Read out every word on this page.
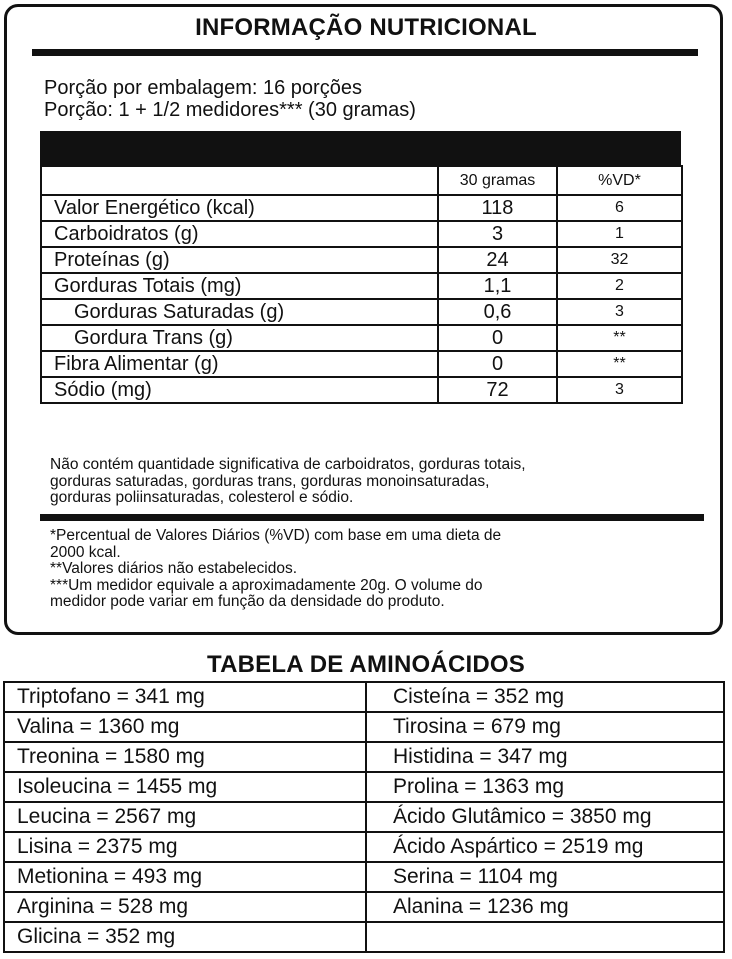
INFORMAÇÃO NUTRICIONAL
Porção por embalagem: 16 porções
Porção: 1 + 1/2 medidores*** (30 gramas)
	30 gramas	%VD*
Valor Energético (kcal)	118	6
Carboidratos (g)	3	1
Proteínas (g)	24	32
Gorduras Totais (mg)	1,1	2
Gorduras Saturadas (g)	0,6	3
Gordura Trans (g)	0	**
Fibra Alimentar (g)	0	**
Sódio (mg)	72	3
Não contém quantidade significativa de carboidratos, gorduras totais,
gorduras saturadas, gorduras trans, gorduras monoinsaturadas,
gorduras poliinsaturadas, colesterol e sódio.
*Percentual de Valores Diários (%VD) com base em uma dieta de
2000 kcal.
**Valores diários não estabelecidos.
***Um medidor equivale a aproximadamente 20g. O volume do
medidor pode variar em função da densidade do produto.
TABELA DE AMINOÁCIDOS
Triptofano = 341 mg	Cisteína = 352 mg
Valina = 1360 mg	Tirosina = 679 mg
Treonina = 1580 mg	Histidina = 347 mg
Isoleucina = 1455 mg	Prolina = 1363 mg
Leucina = 2567 mg	Ácido Glutâmico = 3850 mg
Lisina = 2375 mg	Ácido Aspártico = 2519 mg
Metionina = 493 mg	Serina = 1104 mg
Arginina = 528 mg	Alanina = 1236 mg
Glicina = 352 mg	
